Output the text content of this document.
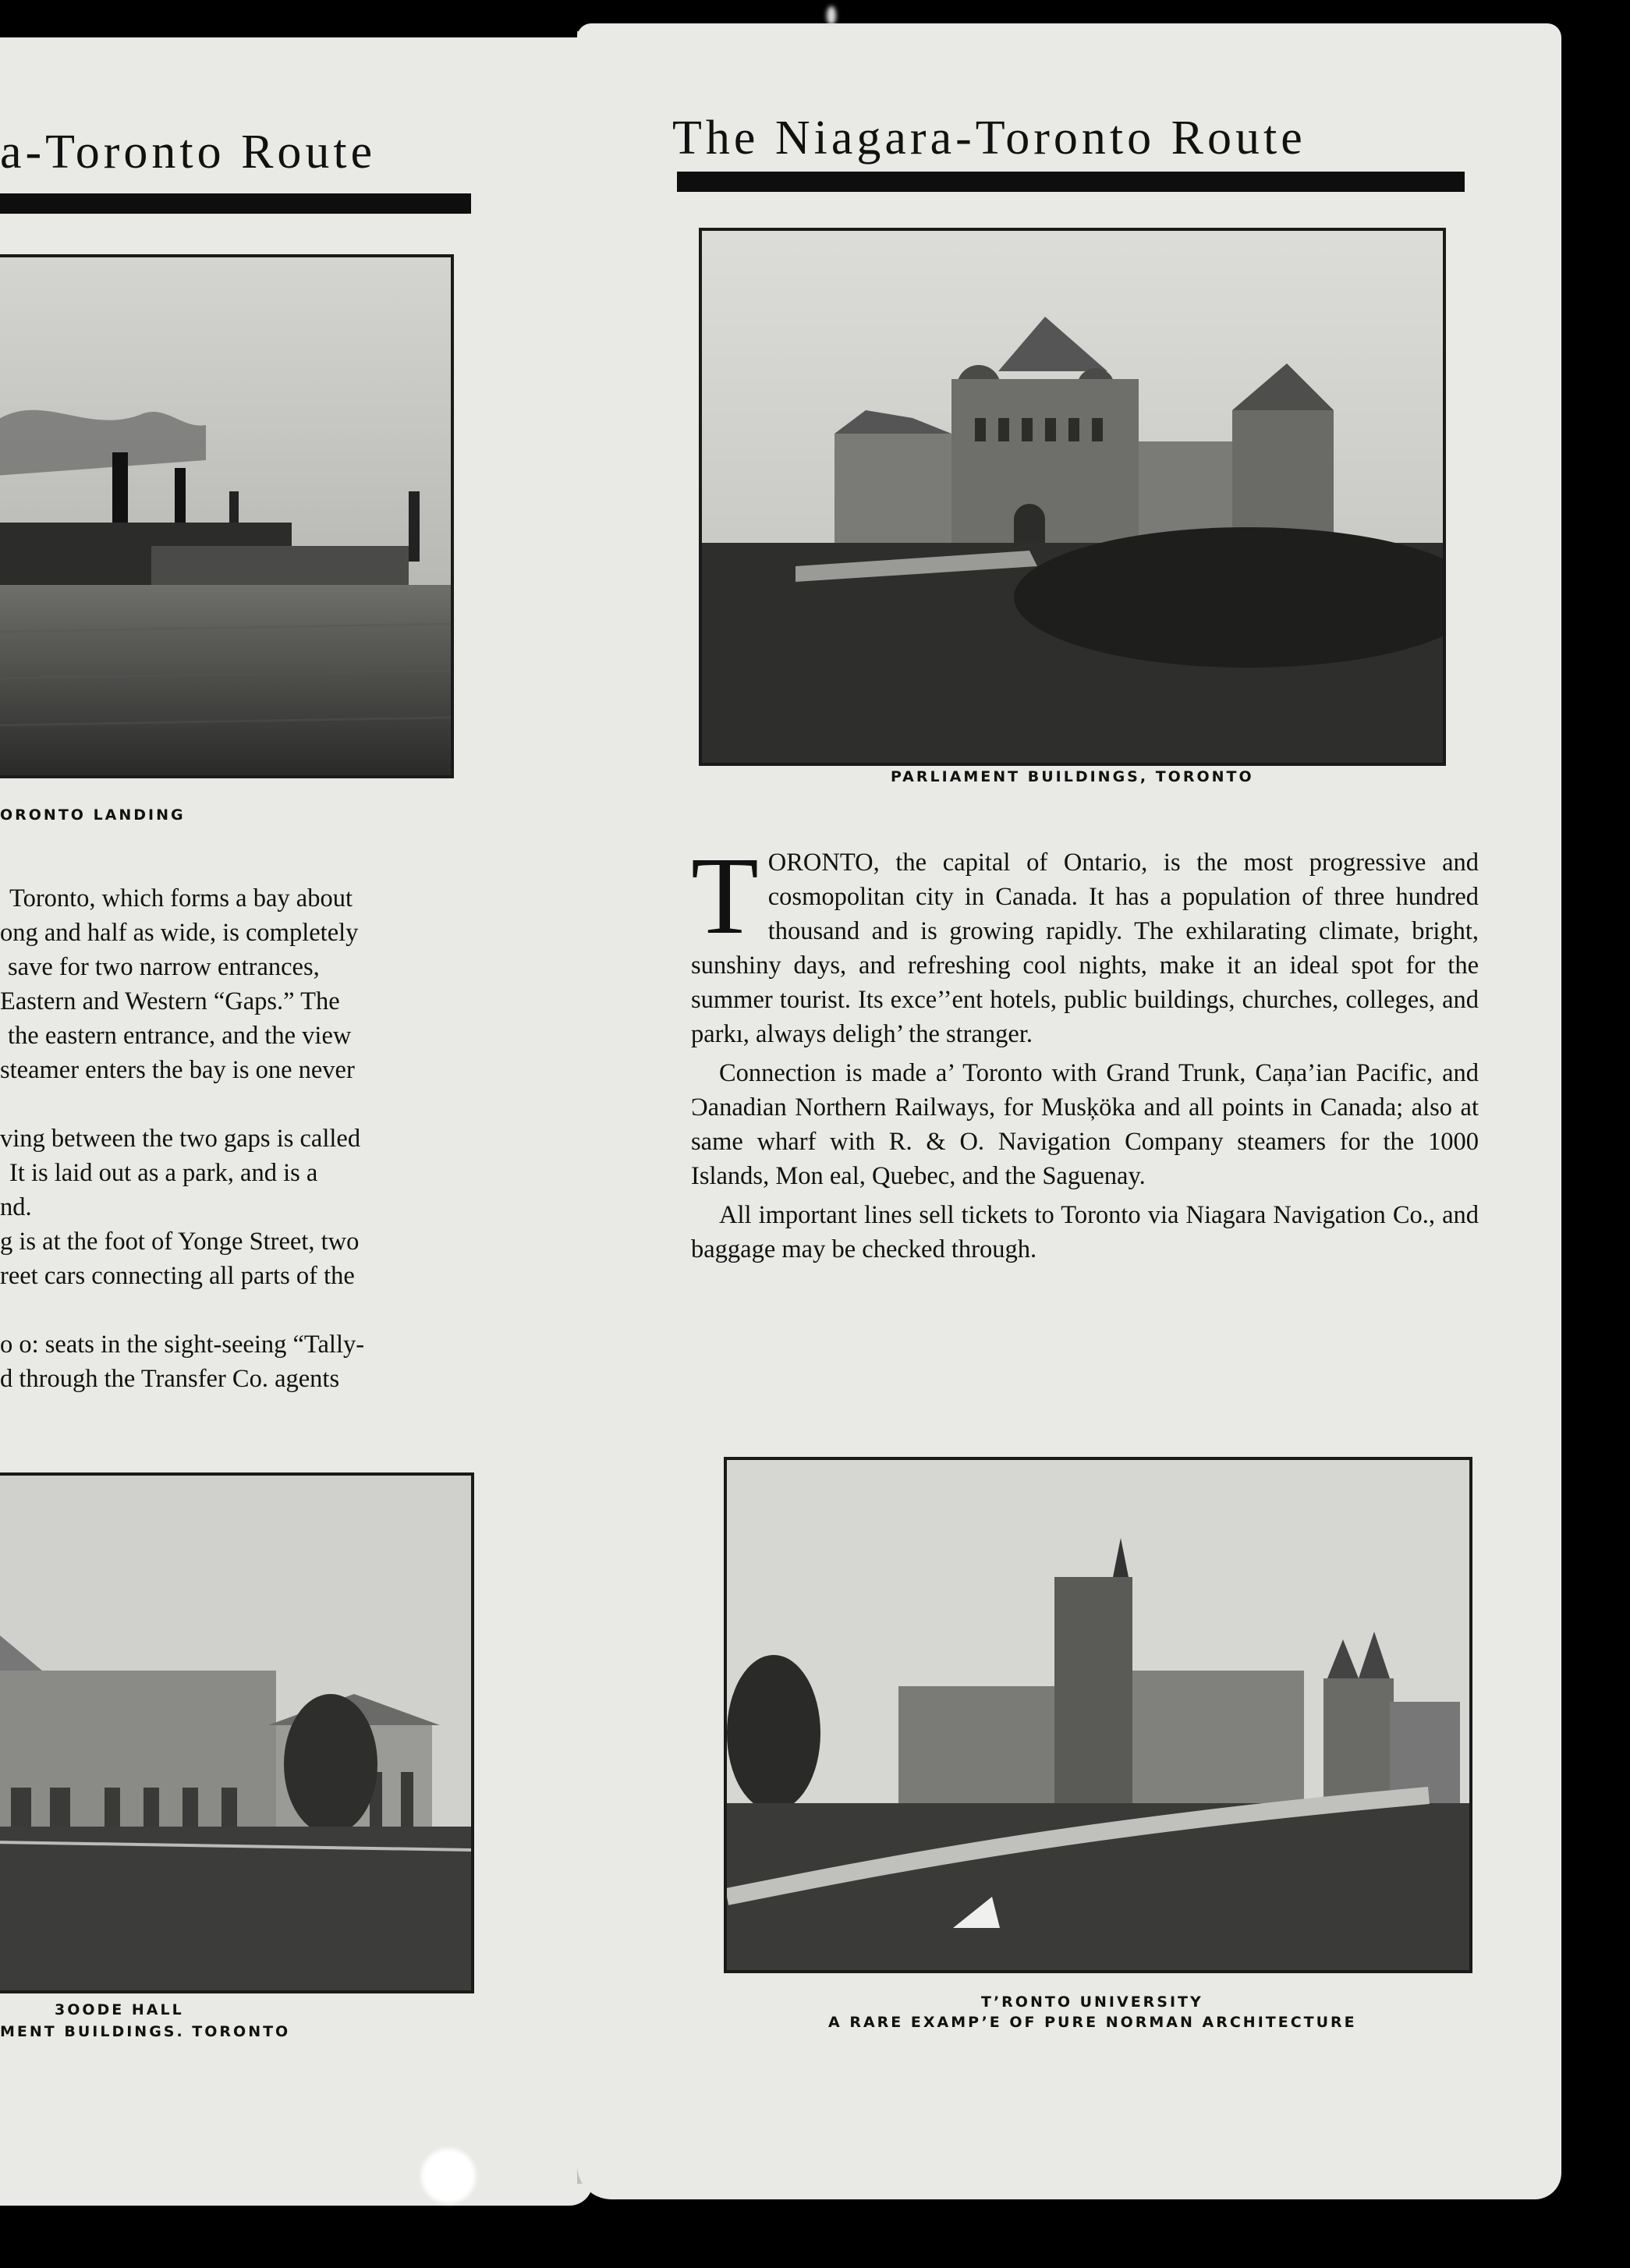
a-Toronto Route
ORONTO LANDING
Toronto, which forms a bay about
ong and half as wide, is completely
save for two narrow entrances,
Eastern and Western “Gaps.” The
the eastern entrance, and the view
steamer enters the bay is one never
ving between the two gaps is called
It is laid out as a park, and is a
nd.
g is at the foot of Yonge Street, two
reet cars connecting all parts of the
o o: seats in the sight-seeing “Tally-
d through the Transfer Co. agents
3OODE HALL
MENT BUILDINGS. TORONTO
The Niagara-Toronto Route
PARLIAMENT BUILDINGS, TORONTO

T ORONTO, the capital of Ontario, is the most progressive and cosmopolitan city in Canada. It has a population of three hundred thousand and is growing rapidly. The exhilarating climate, bright, sunshiny days, and refreshing cool nights, make it an ideal spot for the summer tourist. Its exce’’ent hotels, public buildings, churches, colleges, and parkı, always deligh’ the stranger.

Connection is made a’ Toronto with Grand Trunk, Caņa’ian Pacific, and Ɔanadian Northern Railways, for Musķöka and all points in Canada; also at same wharf with R. & O. Navigation Company steamers for the 1000 Islands, Mon eal, Quebec, and the Saguenay.

All important lines sell tickets to Toronto via Niagara Navigation Co., and baggage may be checked through.

T’RONTO UNIVERSITY
A RARE EXAMP’E OF PURE NORMAN ARCHITECTURE
